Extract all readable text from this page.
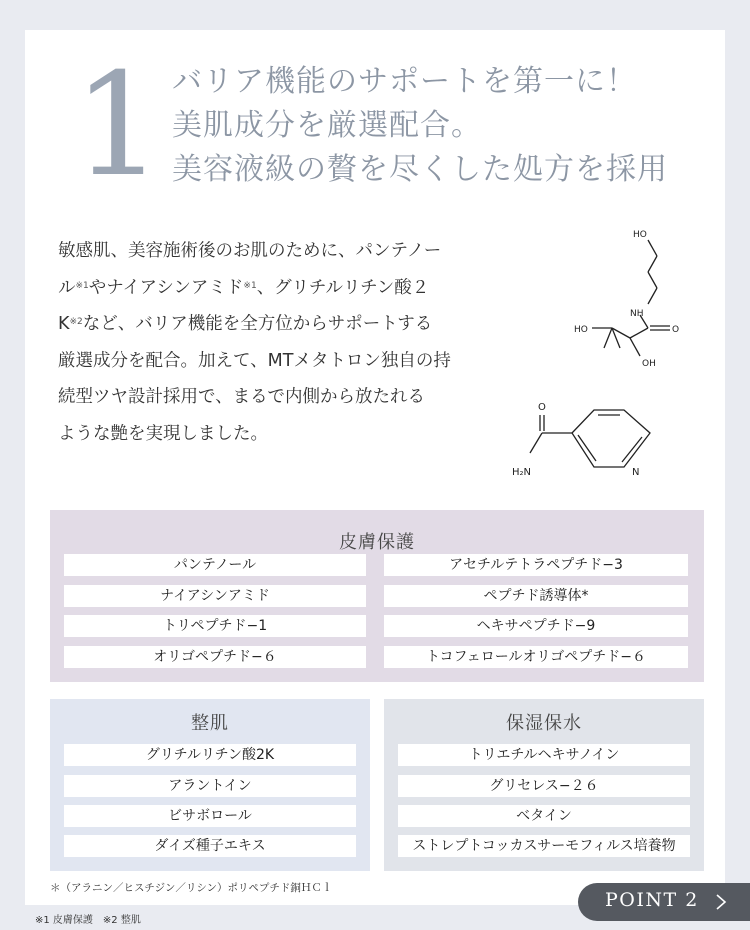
1 バリア機能のサポートを第一に！
美肌成分を厳選配合。
美容液級の贅を尽くした処方を採用
敏感肌、美容施術後のお肌のために、パンテノー
ル$^{※1}$やナイアシンアミド$^{※1}$、グリチルリチン酸２
$K^{※2}$など、バリア機能を全方位からサポートする
厳選成分を配合。加えて、MTメタトロン独自の持
続型ツヤ設計採用で、まるで内側から放たれる
ような艶を実現しました。
HO
NH
O
HO
OH
O
H₂N	N
皮膚保護
パンテノール
ナイアシンアミド
トリペプチド−1
オリゴペプチド−６
アセチルテトラペプチド−3
ペプチド誘導体*
ヘキサペプチド−9
トコフェロールオリゴペプチド−６
整肌
グリチルリチン酸2K
アラントイン
ビサボロール
ダイズ種子エキス
保湿保水
トリエチルヘキサノイン
グリセレス−２６
ベタイン
ストレプトコッカスサーモフィルス培養物
＊（アラニン／ヒスチジン／リシン）ポリペプチド銅ＨＣｌ
※1 皮膚保護　※2 整肌
POINT 2
